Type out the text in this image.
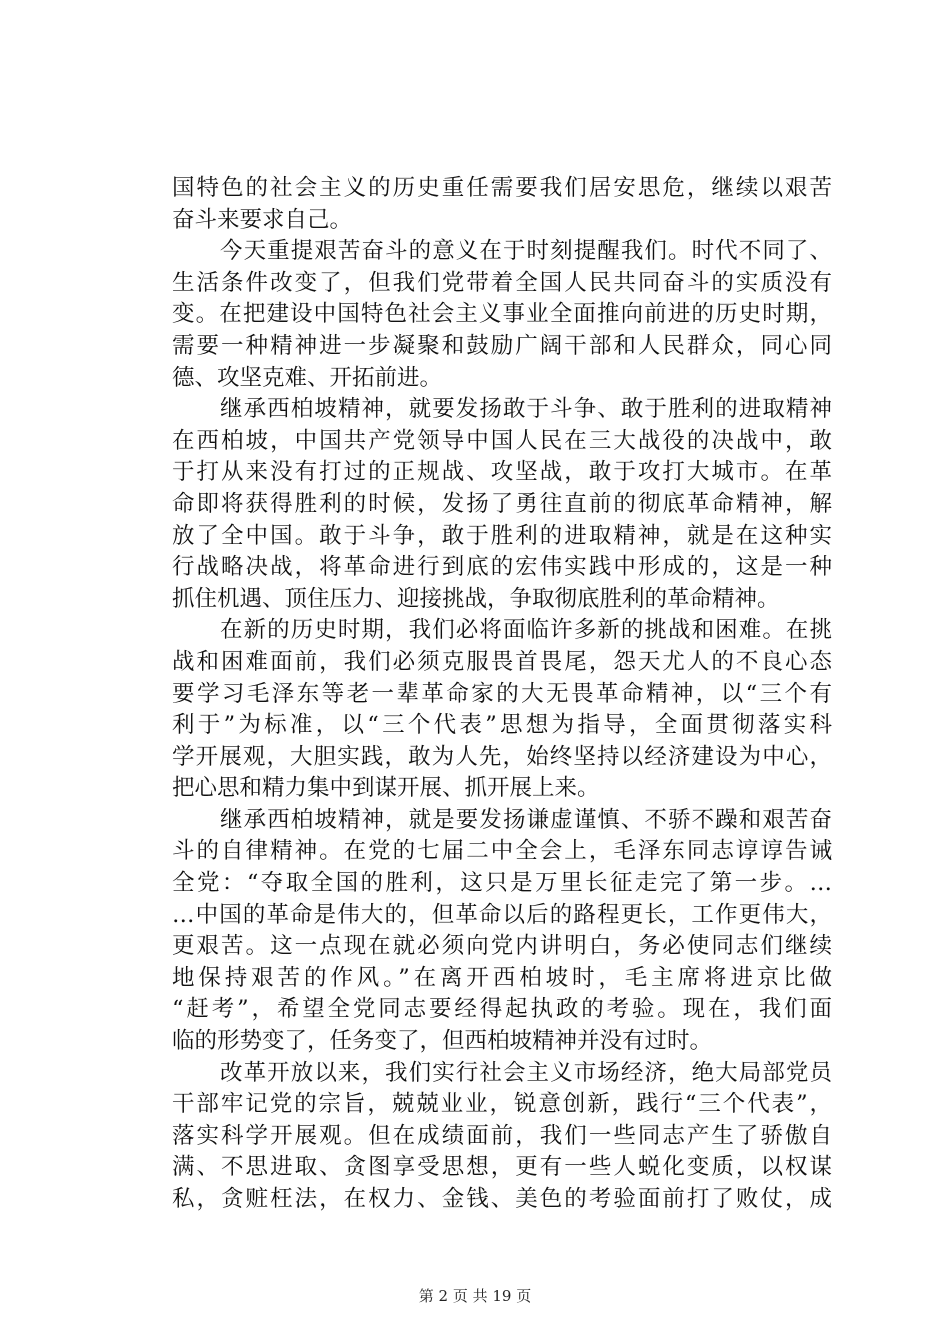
国特色的社会主义的历史重任需要我们居安思危，继续以艰苦
奋斗来要求自己。
今天重提艰苦奋斗的意义在于时刻提醒我们。时代不同了、
生活条件改变了，但我们党带着全国人民共同奋斗的实质没有
变。在把建设中国特色社会主义事业全面推向前进的历史时期，
需要一种精神进一步凝聚和鼓励广阔干部和人民群众，同心同
德、攻坚克难、开拓前进。
继承西柏坡精神，就要发扬敢于斗争、敢于胜利的进取精神
在西柏坡，中国共产党领导中国人民在三大战役的决战中，敢
于打从来没有打过的正规战、攻坚战，敢于攻打大城市。在革
命即将获得胜利的时候，发扬了勇往直前的彻底革命精神，解
放了全中国。敢于斗争，敢于胜利的进取精神，就是在这种实
行战略决战，将革命进行到底的宏伟实践中形成的，这是一种
抓住机遇、顶住压力、迎接挑战，争取彻底胜利的革命精神。
在新的历史时期，我们必将面临许多新的挑战和困难。在挑
战和困难面前，我们必须克服畏首畏尾，怨天尤人的不良心态
要学习毛泽东等老一辈革命家的大无畏革命精神，以“三个有
利于”为标准，以“三个代表”思想为指导，全面贯彻落实科
学开展观，大胆实践，敢为人先，始终坚持以经济建设为中心，
把心思和精力集中到谋开展、抓开展上来。
继承西柏坡精神，就是要发扬谦虚谨慎、不骄不躁和艰苦奋
斗的自律精神。在党的七届二中全会上，毛泽东同志谆谆告诫
全党：“夺取全国的胜利，这只是万里长征走完了第一步。…
…中国的革命是伟大的，但革命以后的路程更长，工作更伟大，
更艰苦。这一点现在就必须向党内讲明白，务必使同志们继续
地保持艰苦的作风。”在离开西柏坡时，毛主席将进京比做
“赶考”，希望全党同志要经得起执政的考验。现在，我们面
临的形势变了，任务变了，但西柏坡精神并没有过时。
改革开放以来，我们实行社会主义市场经济，绝大局部党员
干部牢记党的宗旨，兢兢业业，锐意创新，践行“三个代表”，
落实科学开展观。但在成绩面前，我们一些同志产生了骄傲自
满、不思进取、贪图享受思想，更有一些人蜕化变质，以权谋
私，贪赃枉法，在权力、金钱、美色的考验面前打了败仗，成
第 2 页 共 19 页
